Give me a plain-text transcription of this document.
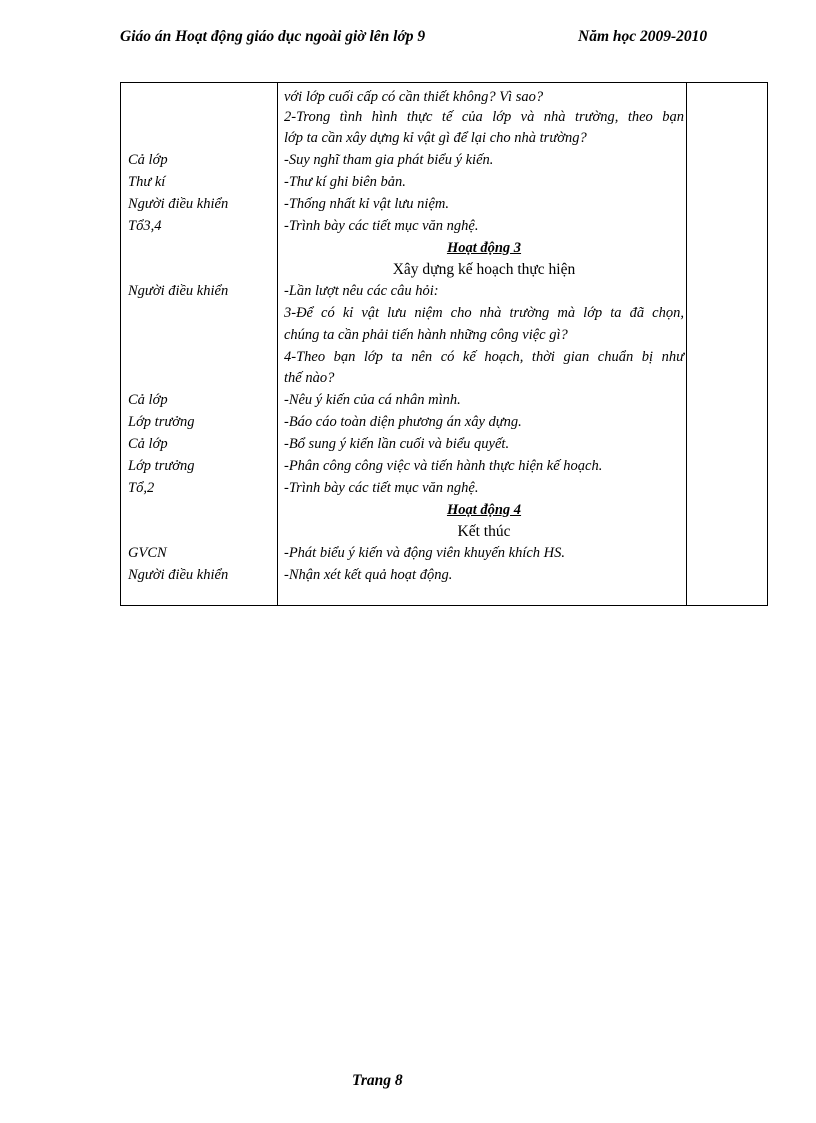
Giáo án Hoạt động giáo dục ngoài giờ lên lớp 9	Năm học 2009-2010
Cả lớp
Thư kí
Người điều khiển
Tổ3,4
Người điều khiển
Cả lớp
Lớp trưởng
Cả lớp
Lớp trưởng
Tổ,2
GVCN
Người điều khiển
với lớp cuối cấp có cần thiết không? Vì sao?
2-Trong tình hình thực tế của lớp và nhà trường, theo bạn
lớp ta cần xây dựng kỉ vật gì để lại cho nhà trường?
-Suy nghĩ tham gia phát biểu ý kiến.
-Thư kí ghi biên bản.
-Thống nhất kỉ vật lưu niệm.
-Trình bày các tiết mục văn nghệ.
Hoạt động 3
Xây dựng kế hoạch thực hiện
-Lần lượt nêu các câu hỏi:
3-Để có kỉ vật lưu niệm cho nhà trường mà lớp ta đã chọn,
chúng ta cần phải tiến hành những công việc gì?
4-Theo bạn lớp ta nên có kế hoạch, thời gian chuẩn bị như
thế nào?
-Nêu ý kiến của cá nhân mình.
-Báo cáo toàn diện phương án xây dựng.
-Bổ sung ý kiến lần cuối và biểu quyết.
-Phân công công việc và tiến hành thực hiện kế hoạch.
-Trình bày các tiết mục văn nghệ.
Hoạt động 4
Kết thúc
-Phát biểu ý kiến và động viên khuyến khích HS.
-Nhận xét kết quả hoạt động.
Trang 8
